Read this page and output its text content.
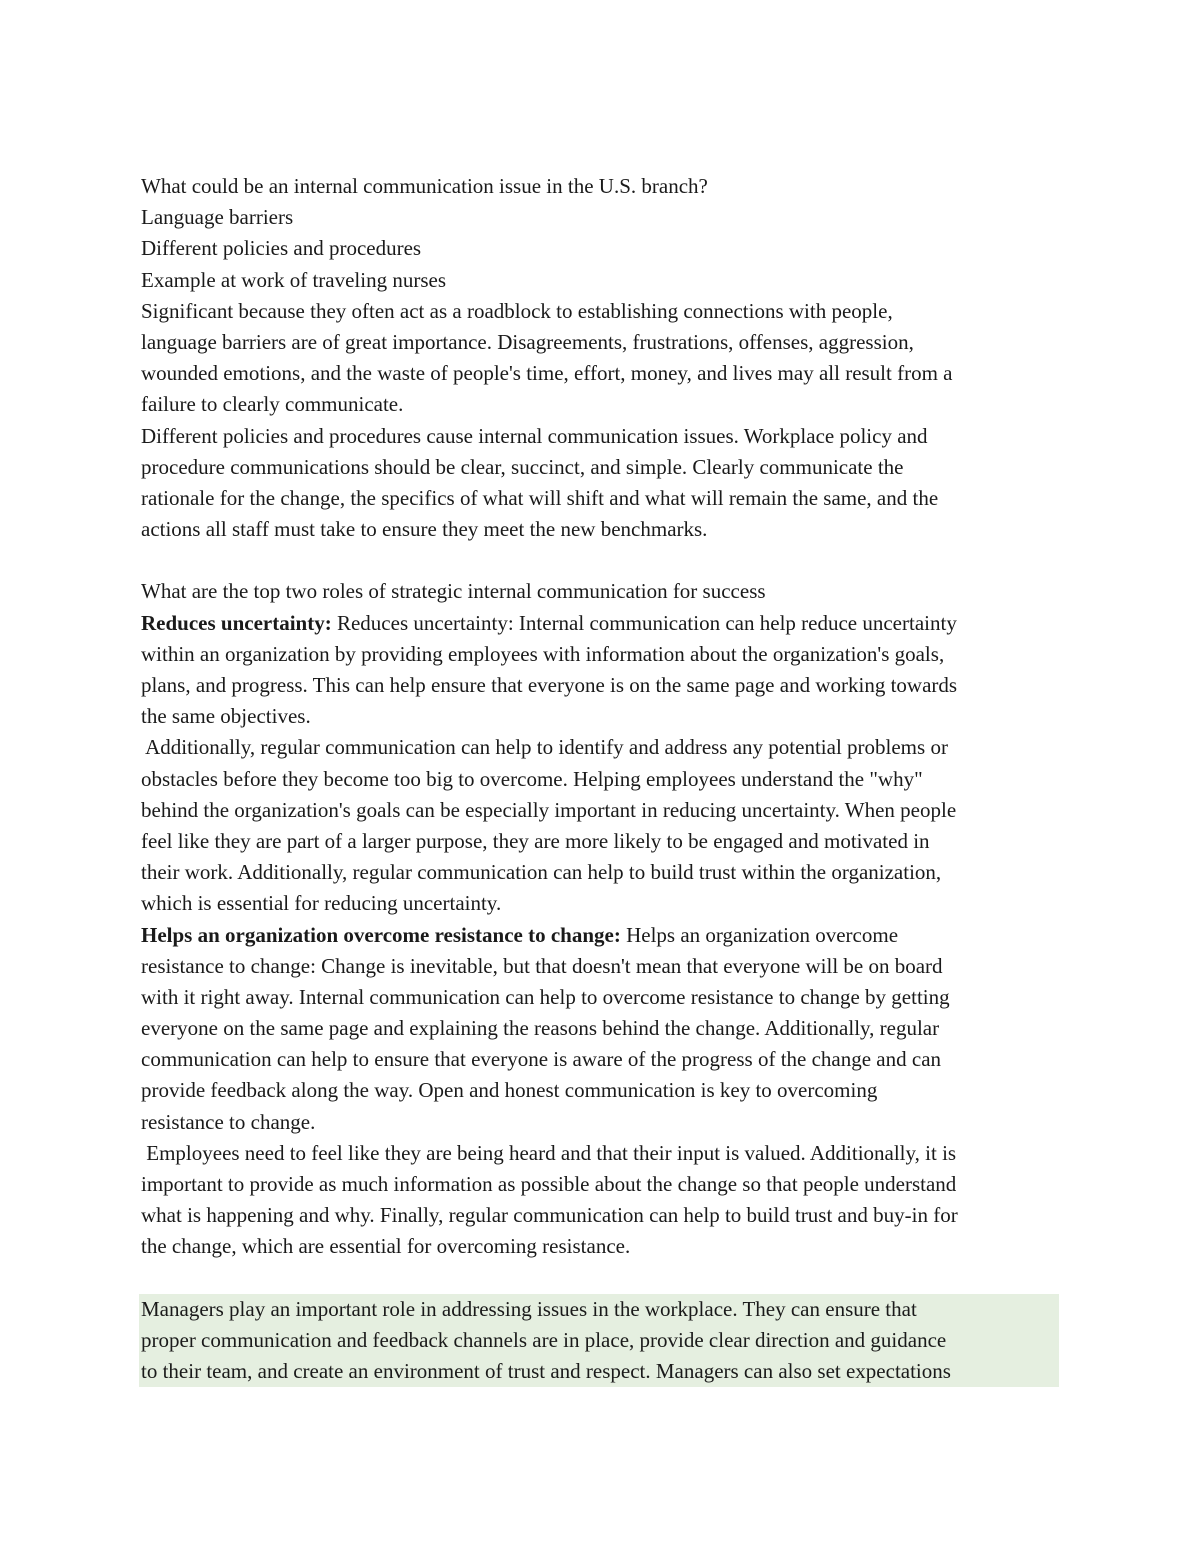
What could be an internal communication issue in the U.S. branch?
Language barriers
Different policies and procedures
Example at work of traveling nurses
Significant because they often act as a roadblock to establishing connections with people,
language barriers are of great importance. Disagreements, frustrations, offenses, aggression,
wounded emotions, and the waste of people's time, effort, money, and lives may all result from a
failure to clearly communicate.
Different policies and procedures cause internal communication issues. Workplace policy and
procedure communications should be clear, succinct, and simple. Clearly communicate the
rationale for the change, the specifics of what will shift and what will remain the same, and the
actions all staff must take to ensure they meet the new benchmarks.
What are the top two roles of strategic internal communication for success
Reduces uncertainty: Reduces uncertainty: Internal communication can help reduce uncertainty
within an organization by providing employees with information about the organization's goals,
plans, and progress. This can help ensure that everyone is on the same page and working towards
the same objectives.
Additionally, regular communication can help to identify and address any potential problems or
obstacles before they become too big to overcome. Helping employees understand the "why"
behind the organization's goals can be especially important in reducing uncertainty. When people
feel like they are part of a larger purpose, they are more likely to be engaged and motivated in
their work. Additionally, regular communication can help to build trust within the organization,
which is essential for reducing uncertainty.
Helps an organization overcome resistance to change: Helps an organization overcome
resistance to change: Change is inevitable, but that doesn't mean that everyone will be on board
with it right away. Internal communication can help to overcome resistance to change by getting
everyone on the same page and explaining the reasons behind the change. Additionally, regular
communication can help to ensure that everyone is aware of the progress of the change and can
provide feedback along the way. Open and honest communication is key to overcoming
resistance to change.
Employees need to feel like they are being heard and that their input is valued. Additionally, it is
important to provide as much information as possible about the change so that people understand
what is happening and why. Finally, regular communication can help to build trust and buy-in for
the change, which are essential for overcoming resistance.
Managers play an important role in addressing issues in the workplace. They can ensure that
proper communication and feedback channels are in place, provide clear direction and guidance
to their team, and create an environment of trust and respect. Managers can also set expectations
